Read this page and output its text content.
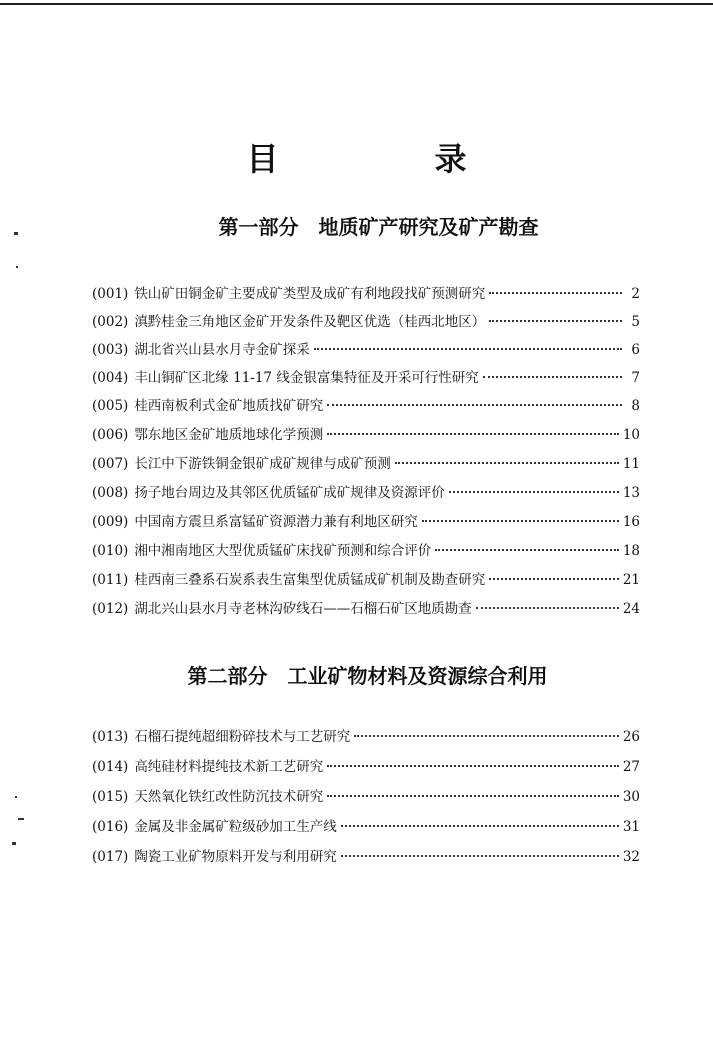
目　录
第一部分　地质矿产研究及矿产勘查
(001) 铁山矿田铜金矿主要成矿类型及成矿有利地段找矿预测研究	2
(002) 滇黔桂金三角地区金矿开发条件及靶区优选（桂西北地区）	5
(003) 湖北省兴山县水月寺金矿探采	6
(004) 丰山铜矿区北缘 11-17 线金银富集特征及开采可行性研究	7
(005) 桂西南板利式金矿地质找矿研究	8
(006) 鄂东地区金矿地质地球化学预测	10
(007) 长江中下游铁铜金银矿成矿规律与成矿预测	11
(008) 扬子地台周边及其邻区优质锰矿成矿规律及资源评价	13
(009) 中国南方震旦系富锰矿资源潜力兼有利地区研究	16
(010) 湘中湘南地区大型优质锰矿床找矿预测和综合评价	18
(011) 桂西南三叠系石炭系表生富集型优质锰成矿机制及勘查研究	21
(012) 湖北兴山县水月寺老林沟矽线石——石榴石矿区地质勘查	24
第二部分　工业矿物材料及资源综合利用
(013) 石榴石提纯超细粉碎技术与工艺研究	26
(014) 高纯硅材料提纯技术新工艺研究	27
(015) 天然氧化铁红改性防沉技术研究	30
(016) 金属及非金属矿粒级砂加工生产线	31
(017) 陶瓷工业矿物原料开发与利用研究	32
